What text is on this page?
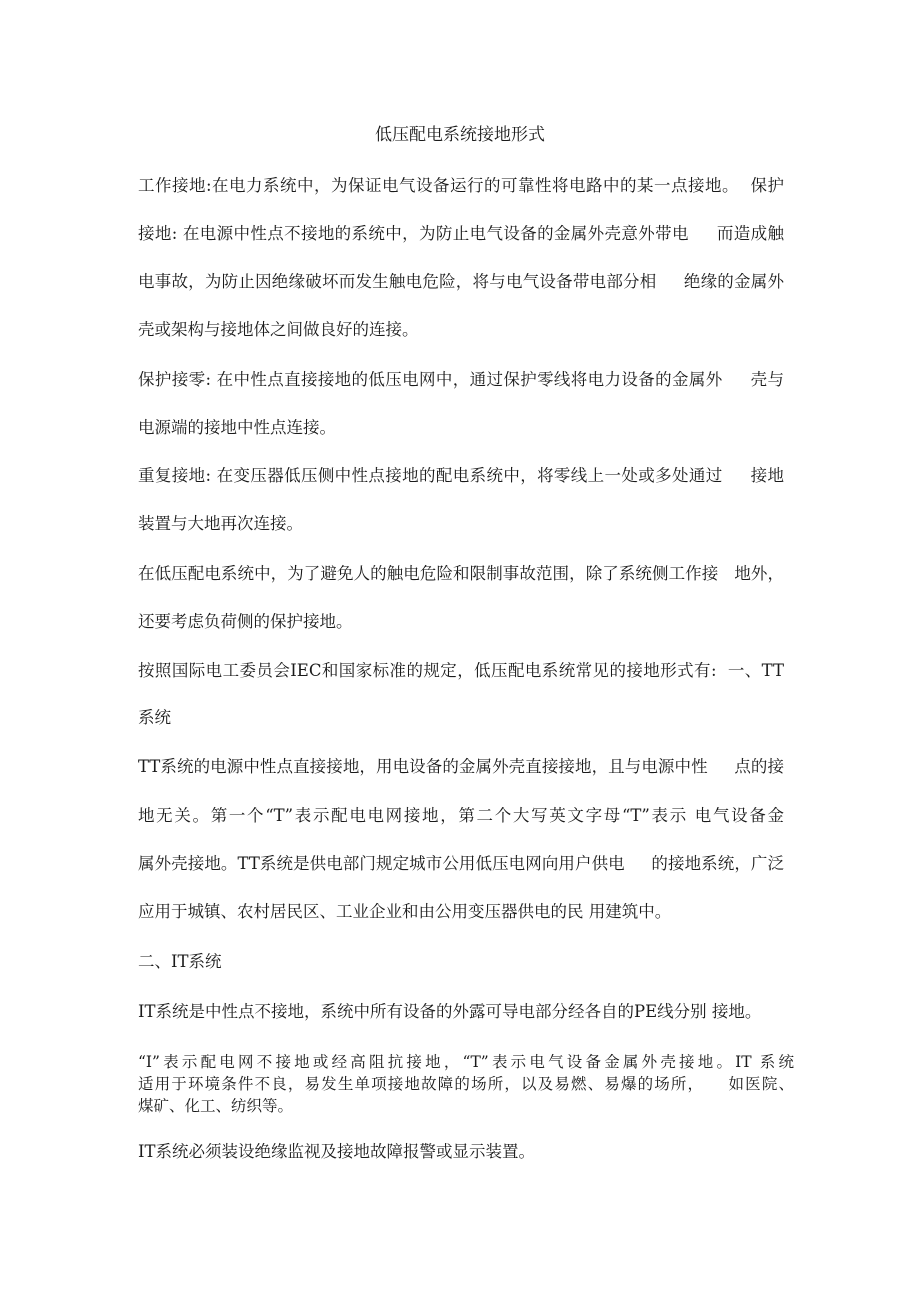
低压配电系统接地形式
工作接地:在电力系统中，为保证电气设备运行的可靠性将电路中的某一点接地。  保护
接地: 在电源中性点不接地的系统中，为防止电气设备的金属外壳意外带电     而造成触
电事故，为防止因绝缘破坏而发生触电危险，将与电气设备带电部分相     绝缘的金属外
壳或架构与接地体之间做良好的连接。
保护接零: 在中性点直接接地的低压电网中，通过保护零线将电力设备的金属外     壳与
电源端的接地中性点连接。
重复接地: 在变压器低压侧中性点接地的配电系统中，将零线上一处或多处通过     接地
装置与大地再次连接。
在低压配电系统中，为了避免人的触电危险和限制事故范围，除了系统侧工作接   地外，
还要考虑负荷侧的保护接地。
按照国际电工委员会IEC和国家标准的规定，低压配电系统常见的接地形式有:  一、TT
系统
TT系统的电源中性点直接接地，用电设备的金属外壳直接接地，且与电源中性     点的接
地无关。第一个“T”表示配电电网接地，第二个大写英文字母“T”表示 电气设备金
属外壳接地。TT系统是供电部门规定城市公用低压电网向用户供电     的接地系统，广泛
应用于城镇、农村居民区、工业企业和由公用变压器供电的民 用建筑中。
二、IT系统
IT系统是中性点不接地，系统中所有设备的外露可导电部分经各自的PE线分别 接地。
“I”表示配电网不接地或经高阻抗接地，“T”表示电气设备金属外壳接地。IT 系统
适用于环境条件不良，易发生单项接地故障的场所，以及易燃、易爆的场所，    如医院、
煤矿、化工、纺织等。
IT系统必须装设绝缘监视及接地故障报警或显示装置。
